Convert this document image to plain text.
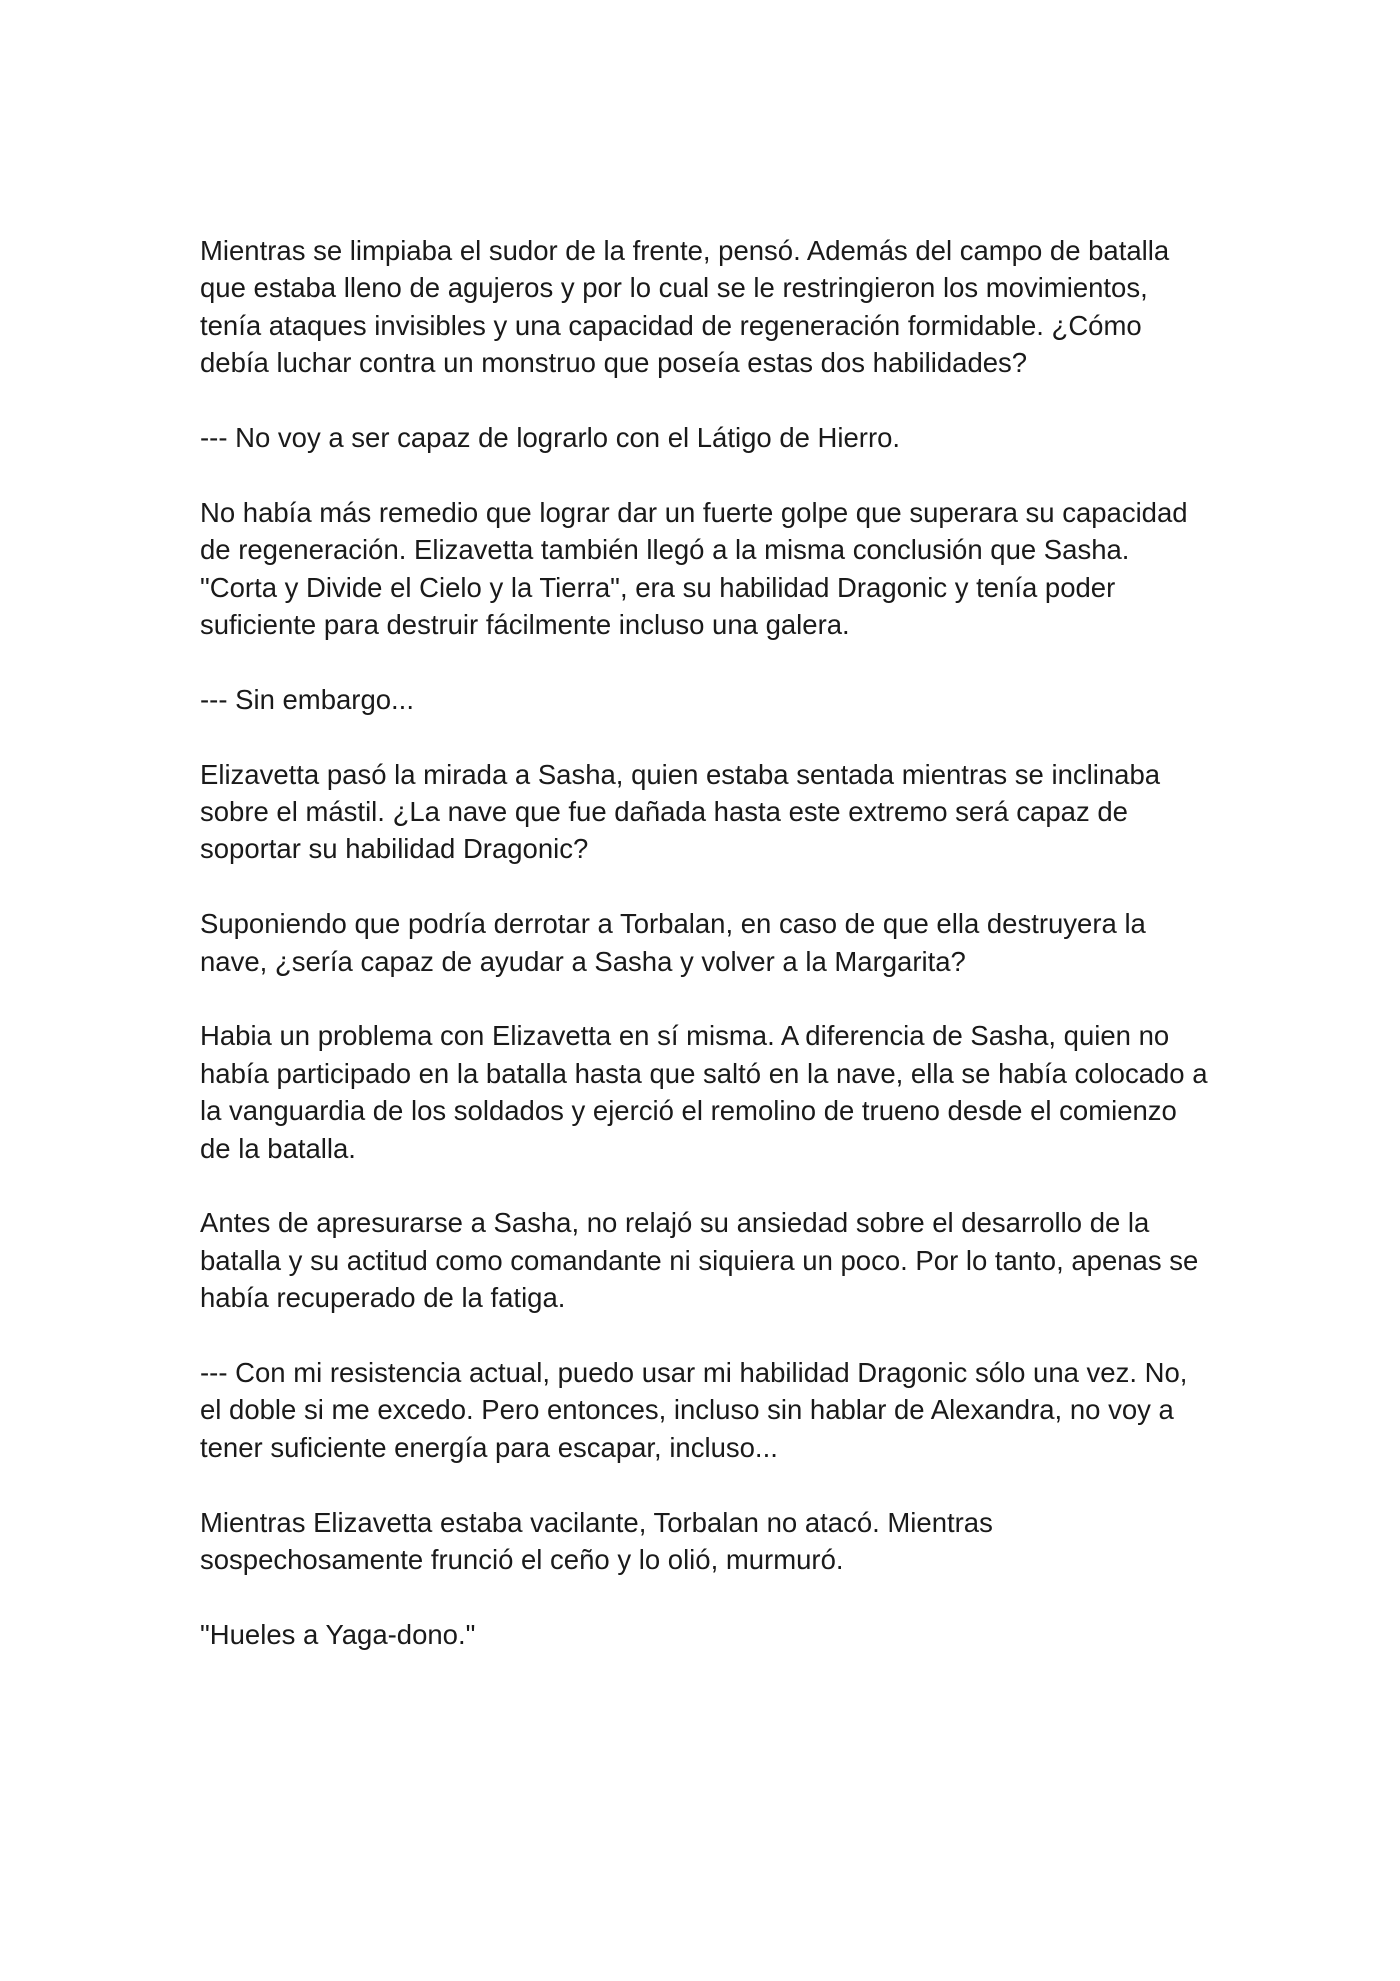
Mientras se limpiaba el sudor de la frente, pensó. Además del campo de batalla que estaba lleno de agujeros y por lo cual se le restringieron los movimientos, tenía ataques invisibles y una capacidad de regeneración formidable. ¿Cómo debía luchar contra un monstruo que poseía estas dos habilidades?

--- No voy a ser capaz de lograrlo con el Látigo de Hierro.

No había más remedio que lograr dar un fuerte golpe que superara su capacidad de regeneración. Elizavetta también llegó a la misma conclusión que Sasha. "Corta y Divide el Cielo y la Tierra", era su habilidad Dragonic y tenía poder suficiente para destruir fácilmente incluso una galera.

--- Sin embargo...

Elizavetta pasó la mirada a Sasha, quien estaba sentada mientras se inclinaba sobre el mástil. ¿La nave que fue dañada hasta este extremo será capaz de soportar su habilidad Dragonic?

Suponiendo que podría derrotar a Torbalan, en caso de que ella destruyera la nave, ¿sería capaz de ayudar a Sasha y volver a la Margarita?

Habia un problema con Elizavetta en sí misma. A diferencia de Sasha, quien no había participado en la batalla hasta que saltó en la nave, ella se había colocado a la vanguardia de los soldados y ejerció el remolino de trueno desde el comienzo de la batalla.

Antes de apresurarse a Sasha, no relajó su ansiedad sobre el desarrollo de la batalla y su actitud como comandante ni siquiera un poco. Por lo tanto, apenas se había recuperado de la fatiga.

--- Con mi resistencia actual, puedo usar mi habilidad Dragonic sólo una vez. No, el doble si me excedo. Pero entonces, incluso sin hablar de Alexandra, no voy a tener suficiente energía para escapar, incluso...

Mientras Elizavetta estaba vacilante, Torbalan no atacó. Mientras sospechosamente frunció el ceño y lo olió, murmuró.

"Hueles a Yaga-dono."
